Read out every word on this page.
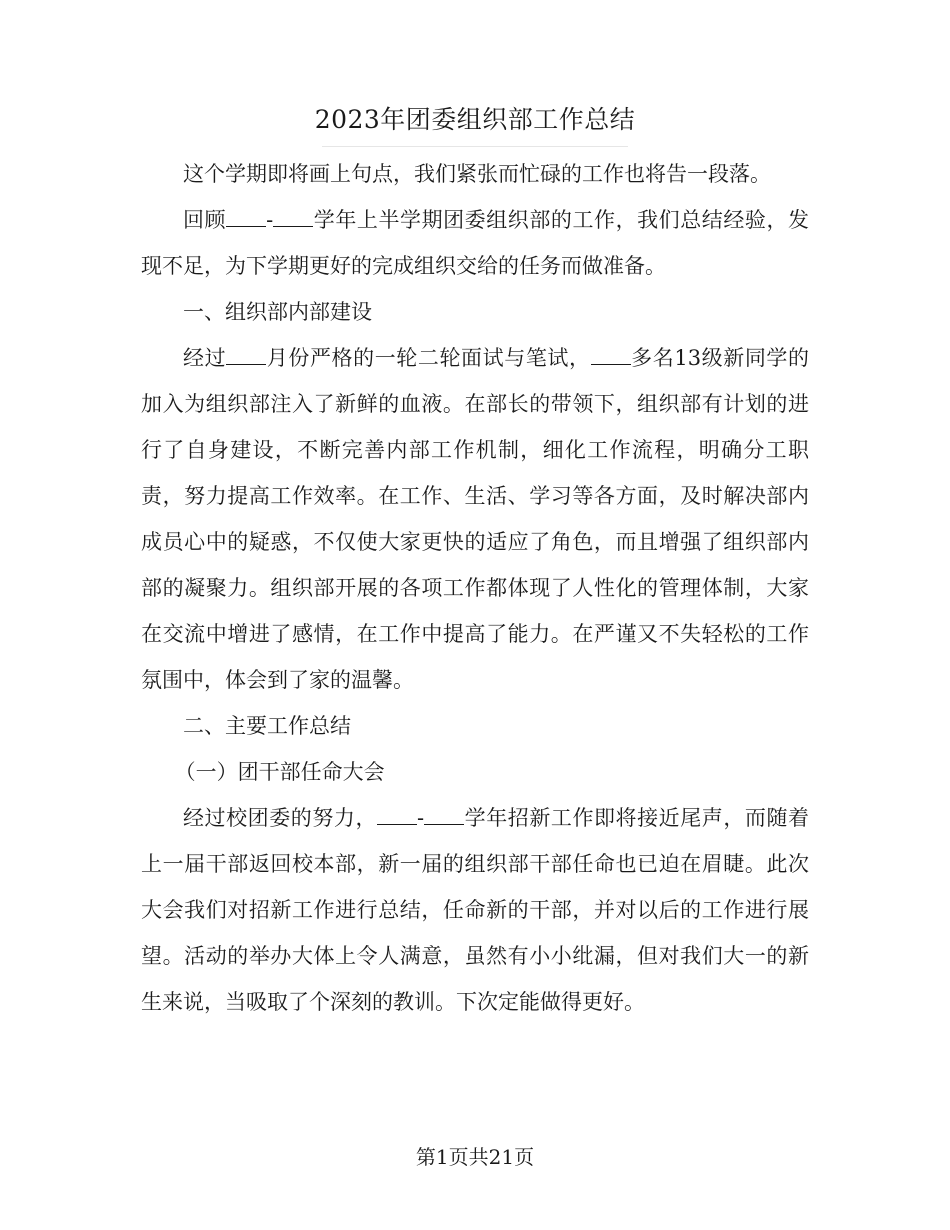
2023年团委组织部工作总结

这个学期即将画上句点，我们紧张而忙碌的工作也将告一段落。

回顾 - 学年上半学期团委组织部的工作，我们总结经验，发现不足，为下学期更好的完成组织交给的任务而做准备。

一、组织部内部建设

经过 月份严格的一轮二轮面试与笔试， 多名13级新同学的加入为组织部注入了新鲜的血液。在部长的带领下，组织部有计划的进行了自身建设，不断完善内部工作机制，细化工作流程，明确分工职责，努力提高工作效率。在工作、生活、学习等各方面，及时解决部内成员心中的疑惑，不仅使大家更快的适应了角色，而且增强了组织部内部的凝聚力。组织部开展的各项工作都体现了人性化的管理体制，大家在交流中增进了感情，在工作中提高了能力。在严谨又不失轻松的工作氛围中，体会到了家的温馨。

二、主要工作总结

（一）团干部任命大会

经过校团委的努力， - 学年招新工作即将接近尾声，而随着上一届干部返回校本部，新一届的组织部干部任命也已迫在眉睫。此次大会我们对招新工作进行总结，任命新的干部，并对以后的工作进行展望。活动的举办大体上令人满意，虽然有小小纰漏，但对我们大一的新生来说，当吸取了个深刻的教训。下次定能做得更好。

第1页共21页
